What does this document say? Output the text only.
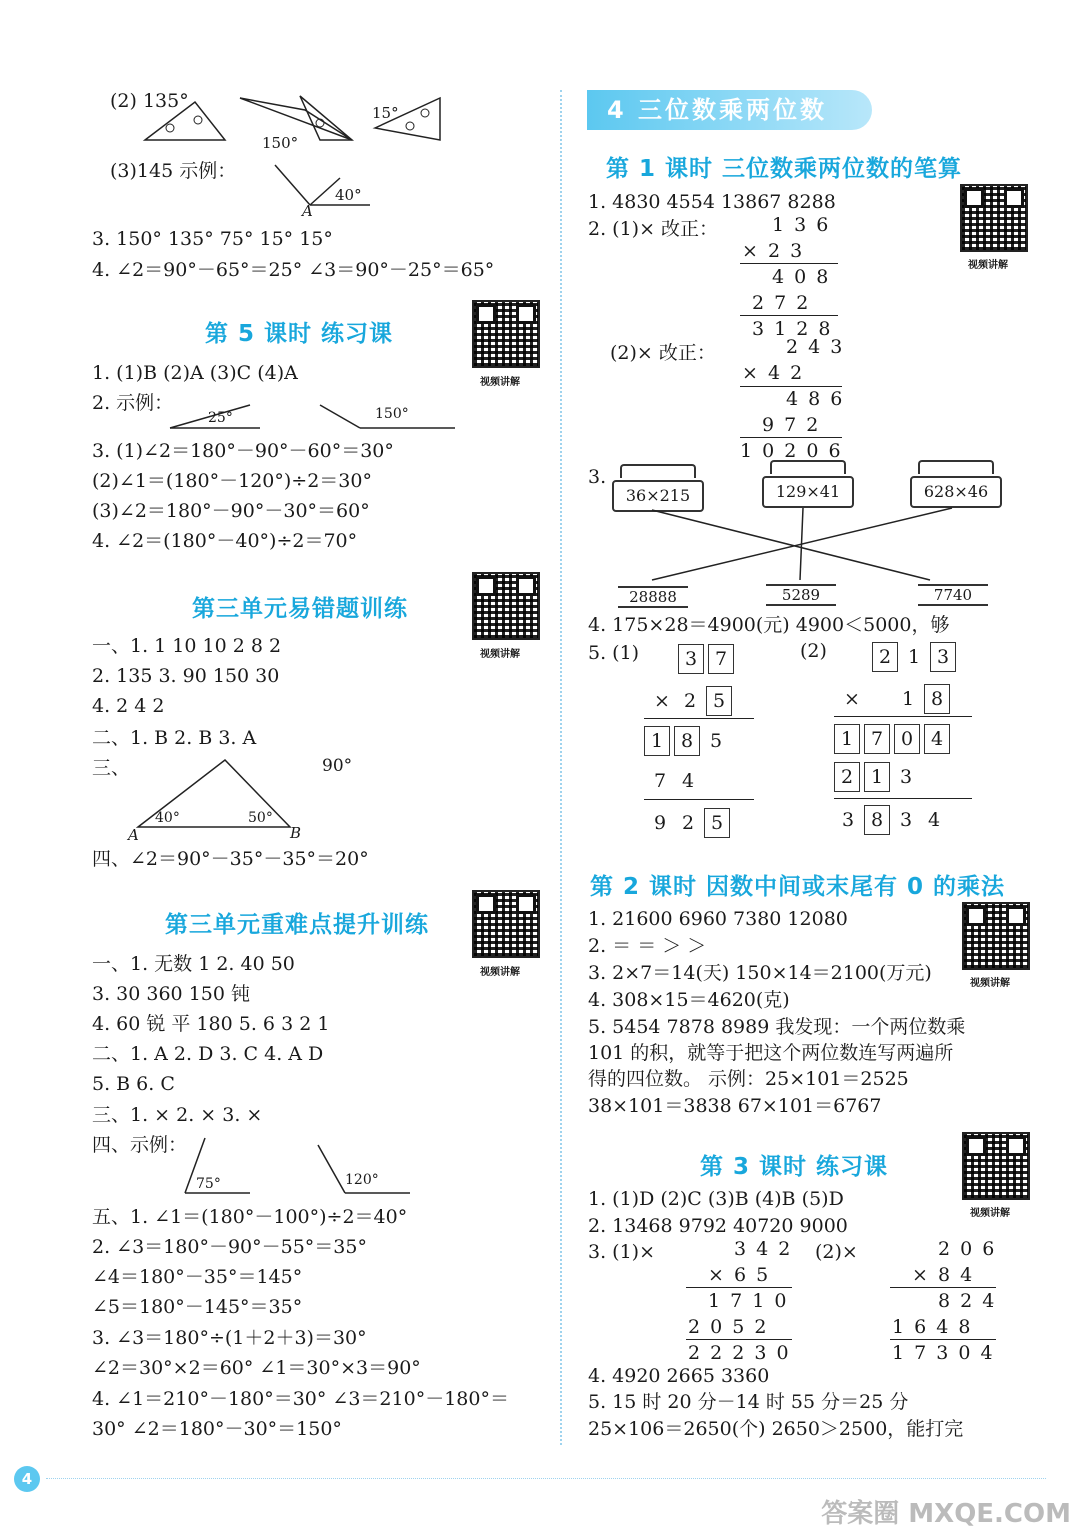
(2) 135°
150°
15°
(3)145 示例：
40°
A
3. 150° 135° 75° 15° 15°
4. ∠2＝90°－65°＝25° ∠3＝90°－25°＝65°
第 5 课时 练习课
视频讲解
1. (1)B (2)A (3)C (4)A
2. 示例：
25°	150°
3. (1)∠2＝180°－90°－60°＝30°
(2)∠1＝(180°－120°)÷2＝30°
(3)∠2＝180°－90°－30°＝60°
4. ∠2＝(180°－40°)÷2＝70°
第三单元易错题训练
视频讲解
一、1. 1 10 10 2 8 2
2. 135 3. 90 150 30
4. 2 4 2
二、1. B 2. B 3. A
三、	90°
40°	50°
A	B
四、∠2＝90°－35°－35°＝20°
第三单元重难点提升训练
视频讲解
一、1. 无数 1 2. 40 50
3. 30 360 150 钝
4. 60 锐 平 180 5. 6 3 2 1
二、1. A 2. D 3. C 4. A D
5. B 6. C
三、1. × 2. × 3. ×
四、示例：
75°	120°
五、1. ∠1＝(180°－100°)÷2＝40°
2. ∠3＝180°－90°－55°＝35°
∠4＝180°－35°＝145°
∠5＝180°－145°＝35°
3. ∠3＝180°÷(1＋2＋3)＝30°
∠2＝30°×2＝60° ∠1＝30°×3＝90°
4. ∠1＝210°－180°＝30° ∠3＝210°－180°＝
30° ∠2＝180°－30°＝150°
4 三位数乘两位数
第 1 课时 三位数乘两位数的笔算
视频讲解
1. 4830 4554 13867 8288
2. (1)× 改正：	1 3 6
× 2 3
4 0 8
2 7 2
3 1 2 8
(2)× 改正：	2 4 3
× 4 2
4 8 6
9 7 2
1 0 2 0 6
3.
36×215	129×41	628×46
28888	5289	7740
4. 175×28＝4900(元) 4900＜5000，够
5. (1)	(2)
3 7
× 2 5
1 8 5
7 4
9 2 5
2 1 3
× 1 8
1 7 0 4
2 1 3
3 8 3 4
第 2 课时 因数中间或末尾有 0 的乘法
视频讲解
1. 21600 6960 7380 12080
2. ＝ ＝ ＞ ＞
3. 2×7＝14(天) 150×14＝2100(万元)
4. 308×15＝4620(克)
5. 5454 7878 8989 我发现：一个两位数乘
101 的积，就等于把这个两位数连写两遍所
得的四位数。 示例：25×101＝2525
38×101＝3838 67×101＝6767
第 3 课时 练习课
视频讲解
1. (1)D (2)C (3)B (4)B (5)D
2. 13468 9792 40720 9000
3. (1)×	(2)×
3 4 2
× 6 5
1 7 1 0
2 0 5 2
2 2 2 3 0
2 0 6
× 8 4
8 2 4
1 6 4 8
1 7 3 0 4
4. 4920 2665 3360
5. 15 时 20 分－14 时 55 分＝25 分
25×106＝2650(个) 2650＞2500，能打完
4
答案圈 MXQE.COM
